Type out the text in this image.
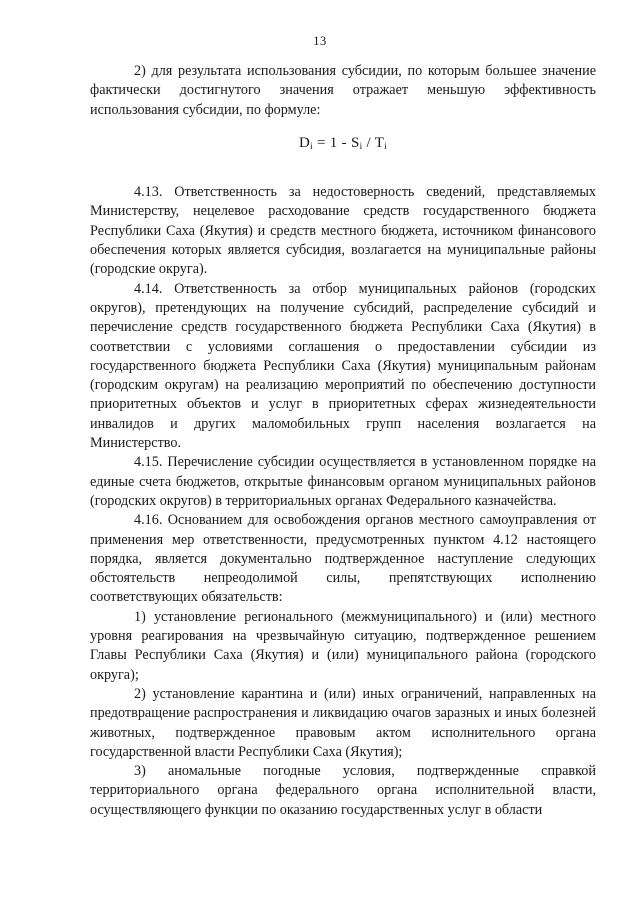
13

2) для результата использования субсидии, по которым большее значение фактически достигнутого значения отражает меньшую эффективность использования субсидии, по формуле:

$D_i = 1 - S_i / T_i$

4.13. Ответственность за недостоверность сведений, представляемых Министерству, нецелевое расходование средств государственного бюджета Республики Саха (Якутия) и средств местного бюджета, источником финансового обеспечения которых является субсидия, возлагается на муниципальные районы (городские округа).

4.14. Ответственность за отбор муниципальных районов (городских округов), претендующих на получение субсидий, распределение субсидий и перечисление средств государственного бюджета Республики Саха (Якутия) в соответствии с условиями соглашения о предоставлении субсидии из государственного бюджета Республики Саха (Якутия) муниципальным районам (городским округам) на реализацию мероприятий по обеспечению доступности приоритетных объектов и услуг в приоритетных сферах жизнедеятельности инвалидов и других маломобильных групп населения возлагается на Министерство.

4.15. Перечисление субсидии осуществляется в установленном порядке на единые счета бюджетов, открытые финансовым органом муниципальных районов (городских округов) в территориальных органах Федерального казначейства.

4.16. Основанием для освобождения органов местного самоуправления от применения мер ответственности, предусмотренных пунктом 4.12 настоящего порядка, является документально подтвержденное наступление следующих обстоятельств непреодолимой силы, препятствующих исполнению соответствующих обязательств:

1) установление регионального (межмуниципального) и (или) местного уровня реагирования на чрезвычайную ситуацию, подтвержденное решением Главы Республики Саха (Якутия) и (или) муниципального района (городского округа);

2) установление карантина и (или) иных ограничений, направленных на предотвращение распространения и ликвидацию очагов заразных и иных болезней животных, подтвержденное правовым актом исполнительного органа государственной власти Республики Саха (Якутия);

3) аномальные погодные условия, подтвержденные справкой территориального органа федерального органа исполнительной власти, осуществляющего функции по оказанию государственных услуг в области
